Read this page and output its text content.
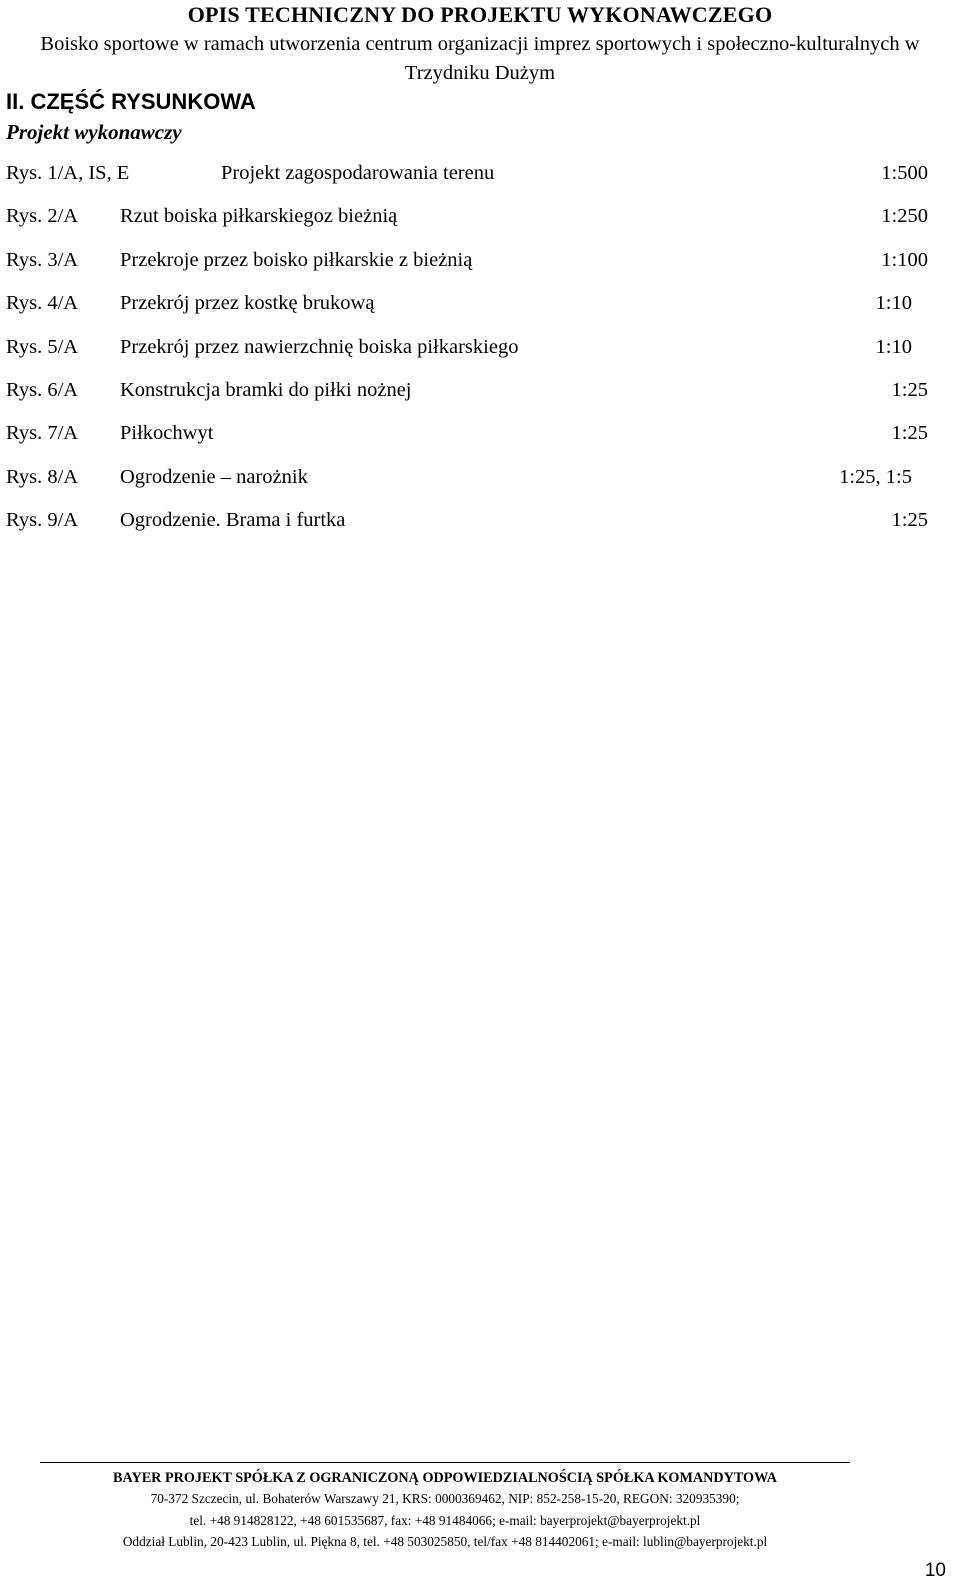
OPIS TECHNICZNY DO PROJEKTU WYKONAWCZEGO
Boisko sportowe w ramach utworzenia centrum organizacji imprez sportowych i społeczno-kulturalnych w Trzydniku Dużym
II. CZĘŚĆ RYSUNKOWA
Projekt wykonawczy
Rys. 1/A, IS, E	Projekt zagospodarowania terenu	1:500
Rys. 2/A Rzut boiska piłkarskiegoz bieżnią	1:250
Rys. 3/A Przekroje przez boisko piłkarskie z bieżnią	1:100
Rys. 4/A Przekrój przez kostkę brukową	1:10
Rys. 5/A Przekrój przez nawierzchnię boiska piłkarskiego	1:10
Rys. 6/A Konstrukcja bramki do piłki nożnej	1:25
Rys. 7/A Piłkochwyt	1:25
Rys. 8/A Ogrodzenie – narożnik	1:25, 1:5
Rys. 9/A Ogrodzenie. Brama i furtka	1:25
BAYER PROJEKT SPÓŁKA Z OGRANICZONĄ ODPOWIEDZIALNOŚCIĄ SPÓŁKA KOMANDYTOWA
70-372 Szczecin, ul. Bohaterów Warszawy 21, KRS: 0000369462, NIP: 852-258-15-20, REGON: 320935390;
tel. +48 914828122, +48 601535687, fax: +48 91484066; e-mail: bayerprojekt@bayerprojekt.pl
Oddział Lublin, 20-423 Lublin, ul. Piękna 8, tel. +48 503025850, tel/fax +48 814402061; e-mail: lublin@bayerprojekt.pl
10
